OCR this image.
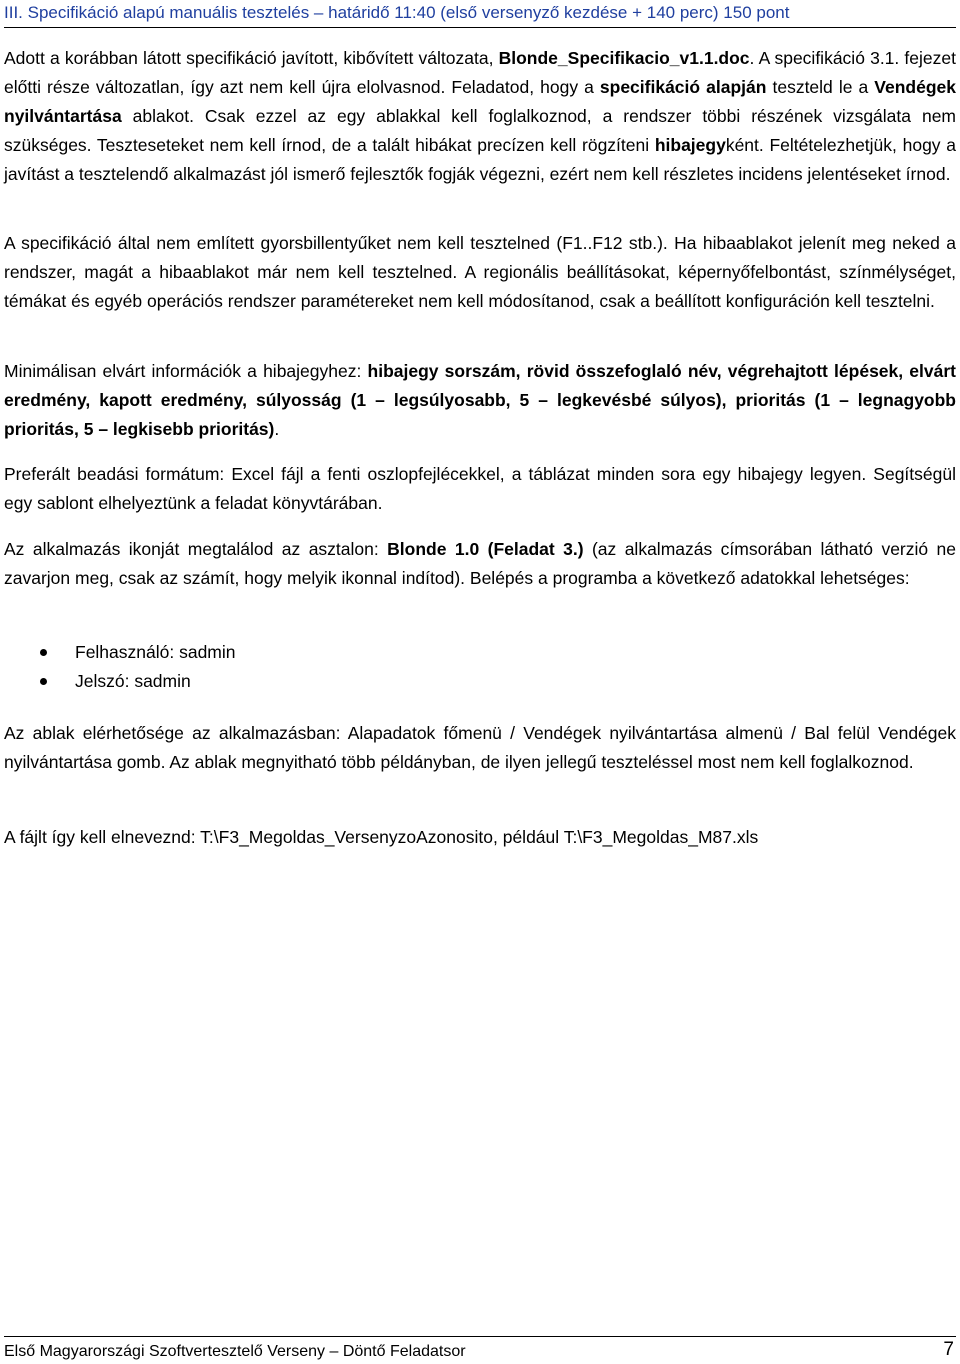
III. Specifikáció alapú manuális tesztelés – határidő 11:40 (első versenyző kezdése + 140 perc) 150 pont

Adott a korábban látott specifikáció javított, kibővített változata, Blonde_Specifikacio_v1.1.doc. A specifikáció 3.1. fejezet előtti része változatlan, így azt nem kell újra elolvasnod. Feladatod, hogy a specifikáció alapján teszteld le a Vendégek nyilvántartása ablakot. Csak ezzel az egy ablakkal kell foglalkoznod, a rendszer többi részének vizsgálata nem szükséges. Teszteseteket nem kell írnod, de a talált hibákat precízen kell rögzíteni hibajegyként. Feltételezhetjük, hogy a javítást a tesztelendő alkalmazást jól ismerő fejlesztők fogják végezni, ezért nem kell részletes incidens jelentéseket írnod.

A specifikáció által nem említett gyorsbillentyűket nem kell tesztelned (F1..F12 stb.). Ha hibaablakot jelenít meg neked a rendszer, magát a hibaablakot már nem kell tesztelned. A regionális beállításokat, képernyőfelbontást, színmélységet, témákat és egyéb operációs rendszer paramétereket nem kell módosítanod, csak a beállított konfiguráción kell tesztelni.

Minimálisan elvárt információk a hibajegyhez: hibajegy sorszám, rövid összefoglaló név, végrehajtott lépések, elvárt eredmény, kapott eredmény, súlyosság (1 – legsúlyosabb, 5 – legkevésbé súlyos), prioritás (1 – legnagyobb prioritás, 5 – legkisebb prioritás).

Preferált beadási formátum: Excel fájl a fenti oszlopfejlécekkel, a táblázat minden sora egy hibajegy legyen. Segítségül egy sablont elhelyeztünk a feladat könyvtárában.

Az alkalmazás ikonját megtalálod az asztalon: Blonde 1.0 (Feladat 3.) (az alkalmazás címsorában látható verzió ne zavarjon meg, csak az számít, hogy melyik ikonnal indítod). Belépés a programba a következő adatokkal lehetséges:

Felhasználó: sadmin
Jelszó: sadmin

Az ablak elérhetősége az alkalmazásban: Alapadatok főmenü / Vendégek nyilvántartása almenü / Bal felül Vendégek nyilvántartása gomb. Az ablak megnyitható több példányban, de ilyen jellegű teszteléssel most nem kell foglalkoznod.

A fájlt így kell elneveznd: T:\F3_Megoldas_VersenyzoAzonosito, például T:\F3_Megoldas_M87.xls

Első Magyarországi Szoftvertesztelő Verseny – Döntő Feladatsor	7
